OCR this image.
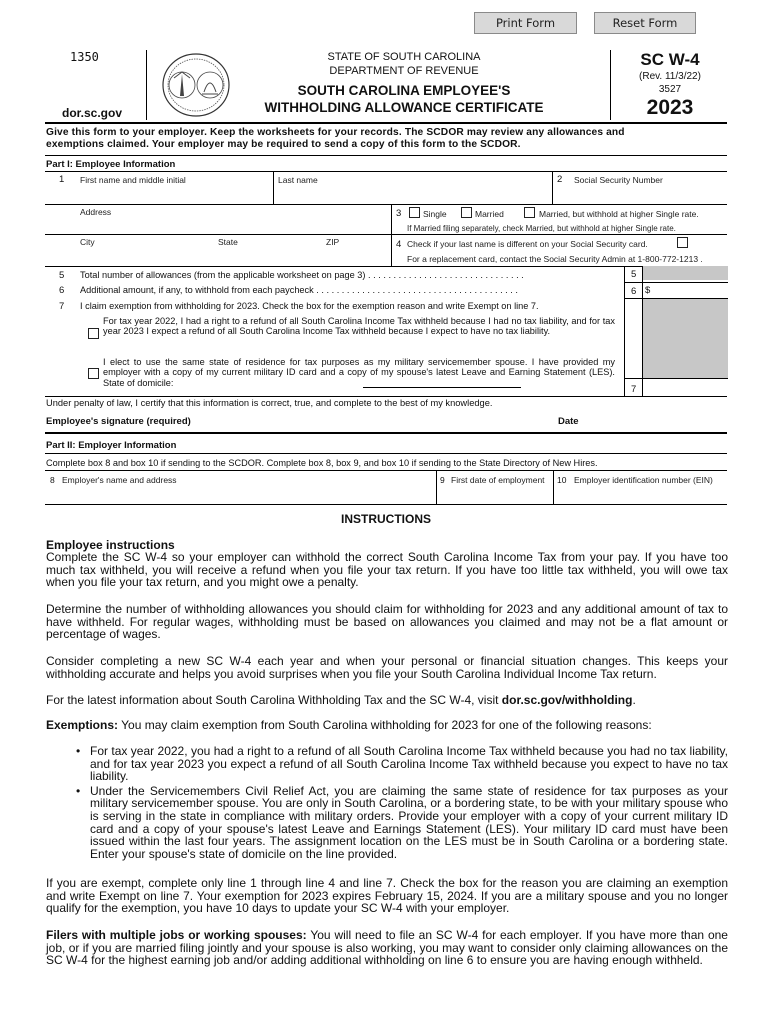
Print Form	Reset Form
1350
dor.sc.gov
STATE OF SOUTH CAROLINA
DEPARTMENT OF REVENUE
SOUTH CAROLINA EMPLOYEE'S
WITHHOLDING ALLOWANCE CERTIFICATE
SC W-4
(Rev. 11/3/22)
3527
2023
Give this form to your employer. Keep the worksheets for your records. The SCDOR may review any allowances and
exemptions claimed. Your employer may be required to send a copy of this form to the SCDOR.
Part I: Employee Information
1 First name and middle initial	Last name	2 Social Security Number
Address	3	Single	Married	Married, but withhold at higher Single rate.
If Married filing separately, check Married, but withhold at higher Single rate.
City	State	ZIP	4 Check if your last name is different on your Social Security card.
For a replacement card, contact the Social Security Admin at 1-800-772-1213 .
5 Total number of allowances (from the applicable worksheet on page 3) . . . . . . . . . . . . . . . . . . . . . . . . . . . . . . .	5
6 Additional amount, if any, to withhold from each paycheck . . . . . . . . . . . . . . . . . . . . . . . . . . . . . . . . . . . . . . . .	6 $
7 I claim exemption from withholding for 2023. Check the box for the exemption reason and write Exempt on line 7.
For tax year 2022, I had a right to a refund of all South Carolina Income Tax withheld because I had no tax liability, and for tax year 2023 I expect a refund of all South Carolina Income Tax withheld because I expect to have no tax liability.
I elect to use the same state of residence for tax purposes as my military servicemember spouse. I have provided my employer with a copy of my current military ID card and a copy of my spouse's latest Leave and Earning Statement (LES). State of domicile:
7
Under penalty of law, I certify that this information is correct, true, and complete to the best of my knowledge.
Employee's signature (required)	Date
Part II: Employer Information
Complete box 8 and box 10 if sending to the SCDOR. Complete box 8, box 9, and box 10 if sending to the State Directory of New Hires.
8 Employer's name and address	9 First date of employment 10 Employer identification number (EIN)
INSTRUCTIONS
Employee instructions
Complete the SC W-4 so your employer can withhold the correct South Carolina Income Tax from your pay. If you have too much tax withheld, you will receive a refund when you file your tax return. If you have too little tax withheld, you will owe tax when you file your tax return, and you might owe a penalty.
Determine the number of withholding allowances you should claim for withholding for 2023 and any additional amount of tax to have withheld. For regular wages, withholding must be based on allowances you claimed and may not be a flat amount or percentage of wages.
Consider completing a new SC W-4 each year and when your personal or financial situation changes. This keeps your withholding accurate and helps you avoid surprises when you file your South Carolina Individual Income Tax return.
For the latest information about South Carolina Withholding Tax and the SC W-4, visit dor.sc.gov/withholding.
Exemptions: You may claim exemption from South Carolina withholding for 2023 for one of the following reasons:
• For tax year 2022, you had a right to a refund of all South Carolina Income Tax withheld because you had no tax liability, and for tax year 2023 you expect a refund of all South Carolina Income Tax withheld because you expect to have no tax liability.
• Under the Servicemembers Civil Relief Act, you are claiming the same state of residence for tax purposes as your military servicemember spouse. You are only in South Carolina, or a bordering state, to be with your military spouse who is serving in the state in compliance with military orders. Provide your employer with a copy of your current military ID card and a copy of your spouse's latest Leave and Earnings Statement (LES). Your military ID card must have been issued within the last four years. The assignment location on the LES must be in South Carolina or a bordering state. Enter your spouse's state of domicile on the line provided.
If you are exempt, complete only line 1 through line 4 and line 7. Check the box for the reason you are claiming an exemption and write Exempt on line 7. Your exemption for 2023 expires February 15, 2024. If you are a military spouse and you no longer qualify for the exemption, you have 10 days to update your SC W-4 with your employer.
Filers with multiple jobs or working spouses: You will need to file an SC W-4 for each employer. If you have more than one job, or if you are married filing jointly and your spouse is also working, you may want to consider only claiming allowances on the SC W-4 for the highest earning job and/or adding additional withholding on line 6 to ensure you are having enough withheld.
